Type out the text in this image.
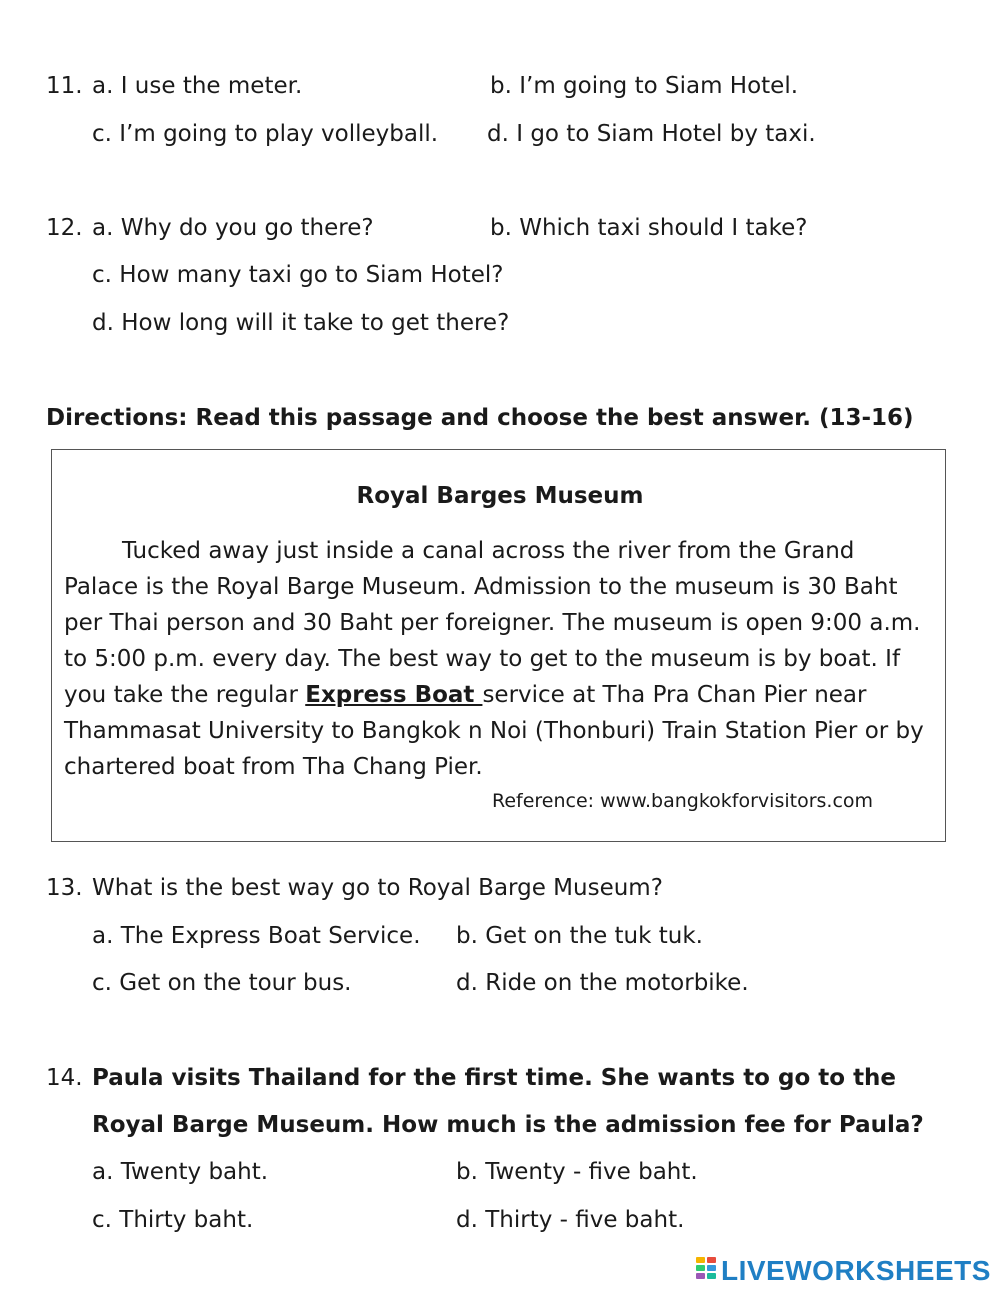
11. a. I use the meter.	b. I’m going to Siam Hotel.
c. I’m going to play volleyball. d. I go to Siam Hotel by taxi.
12. a. Why do you go there?	b. Which taxi should I take?
c. How many taxi go to Siam Hotel?
d. How long will it take to get there?
Directions: Read this passage and choose the best answer. (13-16)
Royal Barges Museum
Tucked away just inside a canal across the river from the Grand
Palace is the Royal Barge Museum. Admission to the museum is 30 Baht
per Thai person and 30 Baht per foreigner. The museum is open 9:00 a.m.
to 5:00 p.m. every day. The best way to get to the museum is by boat. If
you take the regular Express Boat service at Tha Pra Chan Pier near
Thammasat University to Bangkok n Noi (Thonburi) Train Station Pier or by
chartered boat from Tha Chang Pier.
Reference: www.bangkokforvisitors.com
13. What is the best way go to Royal Barge Museum?
a. The Express Boat Service. b. Get on the tuk tuk.
c. Get on the tour bus.	d. Ride on the motorbike.
14. Paula visits Thailand for the first time. She wants to go to the
Royal Barge Museum. How much is the admission fee for Paula?
a. Twenty baht.	b. Twenty - five baht.
c. Thirty baht.	d. Thirty - five baht.
LIVEWORKSHEETS
